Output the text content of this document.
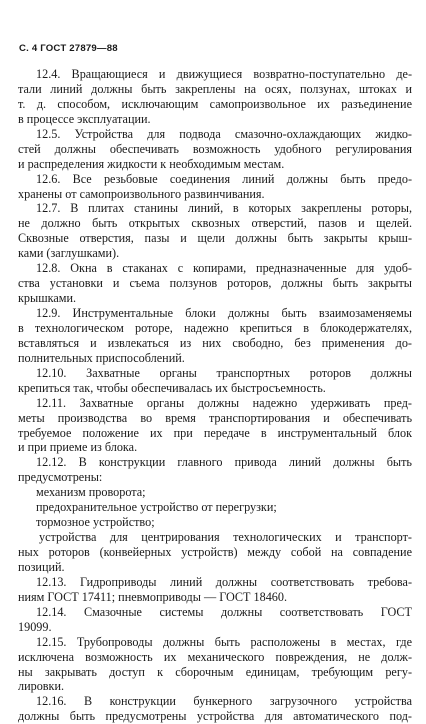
С. 4 ГОСТ 27879—88
12.4. Вращающиеся и движущиеся возвратно-поступательно де-
тали линий должны быть закреплены на осях, ползунах, штоках и
т. д. способом, исключающим самопроизвольное их разъединение
в процессе эксплуатации.
12.5. Устройства для подвода смазочно-охлаждающих жидко-
стей должны обеспечивать возможность удобного регулирования
и распределения жидкости к необходимым местам.
12.6. Все резьбовые соединения линий должны быть предо-
хранены от самопроизвольного развинчивания.
12.7. В плитах станины линий, в которых закреплены роторы,
не должно быть открытых сквозных отверстий, пазов и щелей.
Сквозные отверстия, пазы и щели должны быть закрыты крыш-
ками (заглушками).
12.8. Окна в стаканах с копирами, предназначенные для удоб-
ства установки и съема ползунов роторов, должны быть закрыты
крышками.
12.9. Инструментальные блоки должны быть взаимозаменяемы
в технологическом роторе, надежно крепиться в блокодержателях,
вставляться и извлекаться из них свободно, без применения до-
полнительных приспособлений.
12.10. Захватные органы транспортных роторов должны
крепиться так, чтобы обеспечивалась их быстросъемность.
12.11. Захватные органы должны надежно удерживать пред-
меты производства во время транспортирования и обеспечивать
требуемое положение их при передаче в инструментальный блок
и при приеме из блока.
12.12. В конструкции главного привода линий должны быть
предусмотрены:
механизм проворота;
предохранительное устройство от перегрузки;
тормозное устройство;
устройства для центрирования технологических и транспорт-
ных роторов (конвейерных устройств) между собой на совпадение
позиций.
12.13. Гидроприводы линий должны соответствовать требова-
ниям ГОСТ 17411; пневмоприводы — ГОСТ 18460.
12.14. Смазочные системы должны соответствовать ГОСТ
19099.
12.15. Трубопроводы должны быть расположены в местах, где
исключена возможность их механического повреждения, не долж-
ны закрывать доступ к сборочным единицам, требующим регу-
лировки.
12.16. В конструкции бункерного загрузочного устройства
должны быть предусмотрены устройства для автоматического под-
